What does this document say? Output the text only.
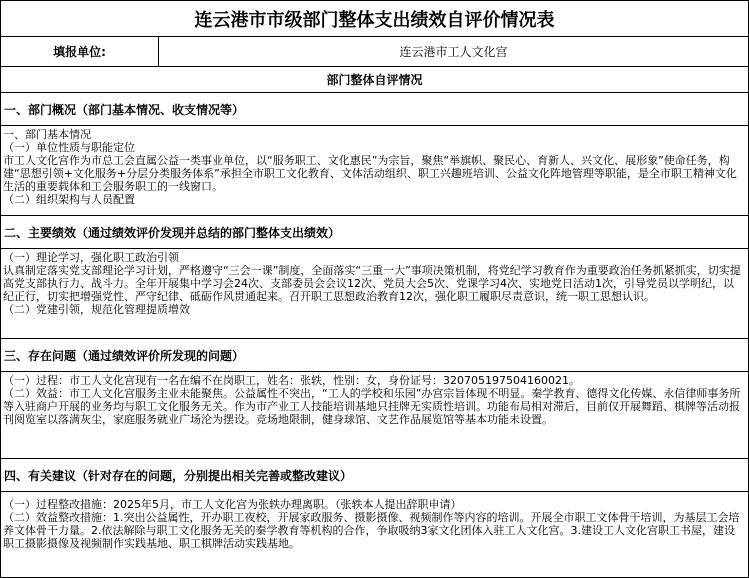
连云港市市级部门整体支出绩效自评价情况表
填报单位:	连云港市工人文化宫
部门整体自评情况
一、部门概况（部门基本情况、收支情况等）

一、部门基本情况

（一）单位性质与职能定位

市工人文化宫作为市总工会直属公益一类事业单位，以“服务职工、文化惠民”为宗旨，聚焦“举旗帜、聚民心、育新人、兴文化、展形象”使命任务，构建“思想引领+文化服务+分层分类服务体系”承担全市职工文化教育、文体活动组织、职工兴趣班培训、公益文化阵地管理等职能，是全市职工精神文化生活的重要载体和工会服务职工的一线窗口。

（二）组织架构与人员配置

二、主要绩效（通过绩效评价发现并总结的部门整体支出绩效）

（一）理论学习，强化职工政治引领

认真制定落实党支部理论学习计划，严格遵守“三会一课”制度，全面落实“三重一大”事项决策机制，将党纪学习教育作为重要政治任务抓紧抓实，切实提高党支部执行力、战斗力。全年开展集中学习会24次、支部委员会会议12次、党员大会5次、党课学习4次、实地党日活动1次，引导党员以学明纪，以纪正行，切实把增强党性、严守纪律、砥砺作风贯通起来。召开职工思想政治教育12次，强化职工履职尽责意识，统一职工思想认识。

（二）党建引领，规范化管理提质增效

三、存在问题（通过绩效评价所发现的问题）

（一）过程：市工人文化宫现有一名在编不在岗职工，姓名：张轶，性别：女，身份证号：320705197504160021。

（二）效益：市工人文化宫服务主业未能聚焦。公益属性不突出，“工人的学校和乐园”办宫宗旨体现不明显。秦学教育、德得文化传媒、永信律师事务所等入驻商户开展的业务均与职工文化服务无关。作为市产业工人技能培训基地只挂牌无实质性培训。功能布局相对滞后，目前仅开展舞蹈、棋牌等活动报刊阅览室以落满灰尘，家庭服务就业广场沦为摆设。竞场地限制，健身球馆、文艺作品展览馆等基本功能未设置。

四、有关建议（针对存在的问题，分别提出相关完善或整改建议）

（一）过程整改措施：2025年5月，市工人文化宫为张轶办理离职。（张轶本人提出辞职申请）

（二）效益整改措施：1.突出公益属性，开办职工夜校，开展家政服务、摄影摄像、视频制作等内容的培训。开展全市职工文体骨干培训，为基层工会培养文体骨干力量。2.依法解除与职工文化服务无关的秦学教育等机构的合作，争取吸纳3家文化团体入驻工人文化宫。3.建设工人文化宫职工书屋，建设职工摄影摄像及视频制作实践基地、职工棋牌活动实践基地。
